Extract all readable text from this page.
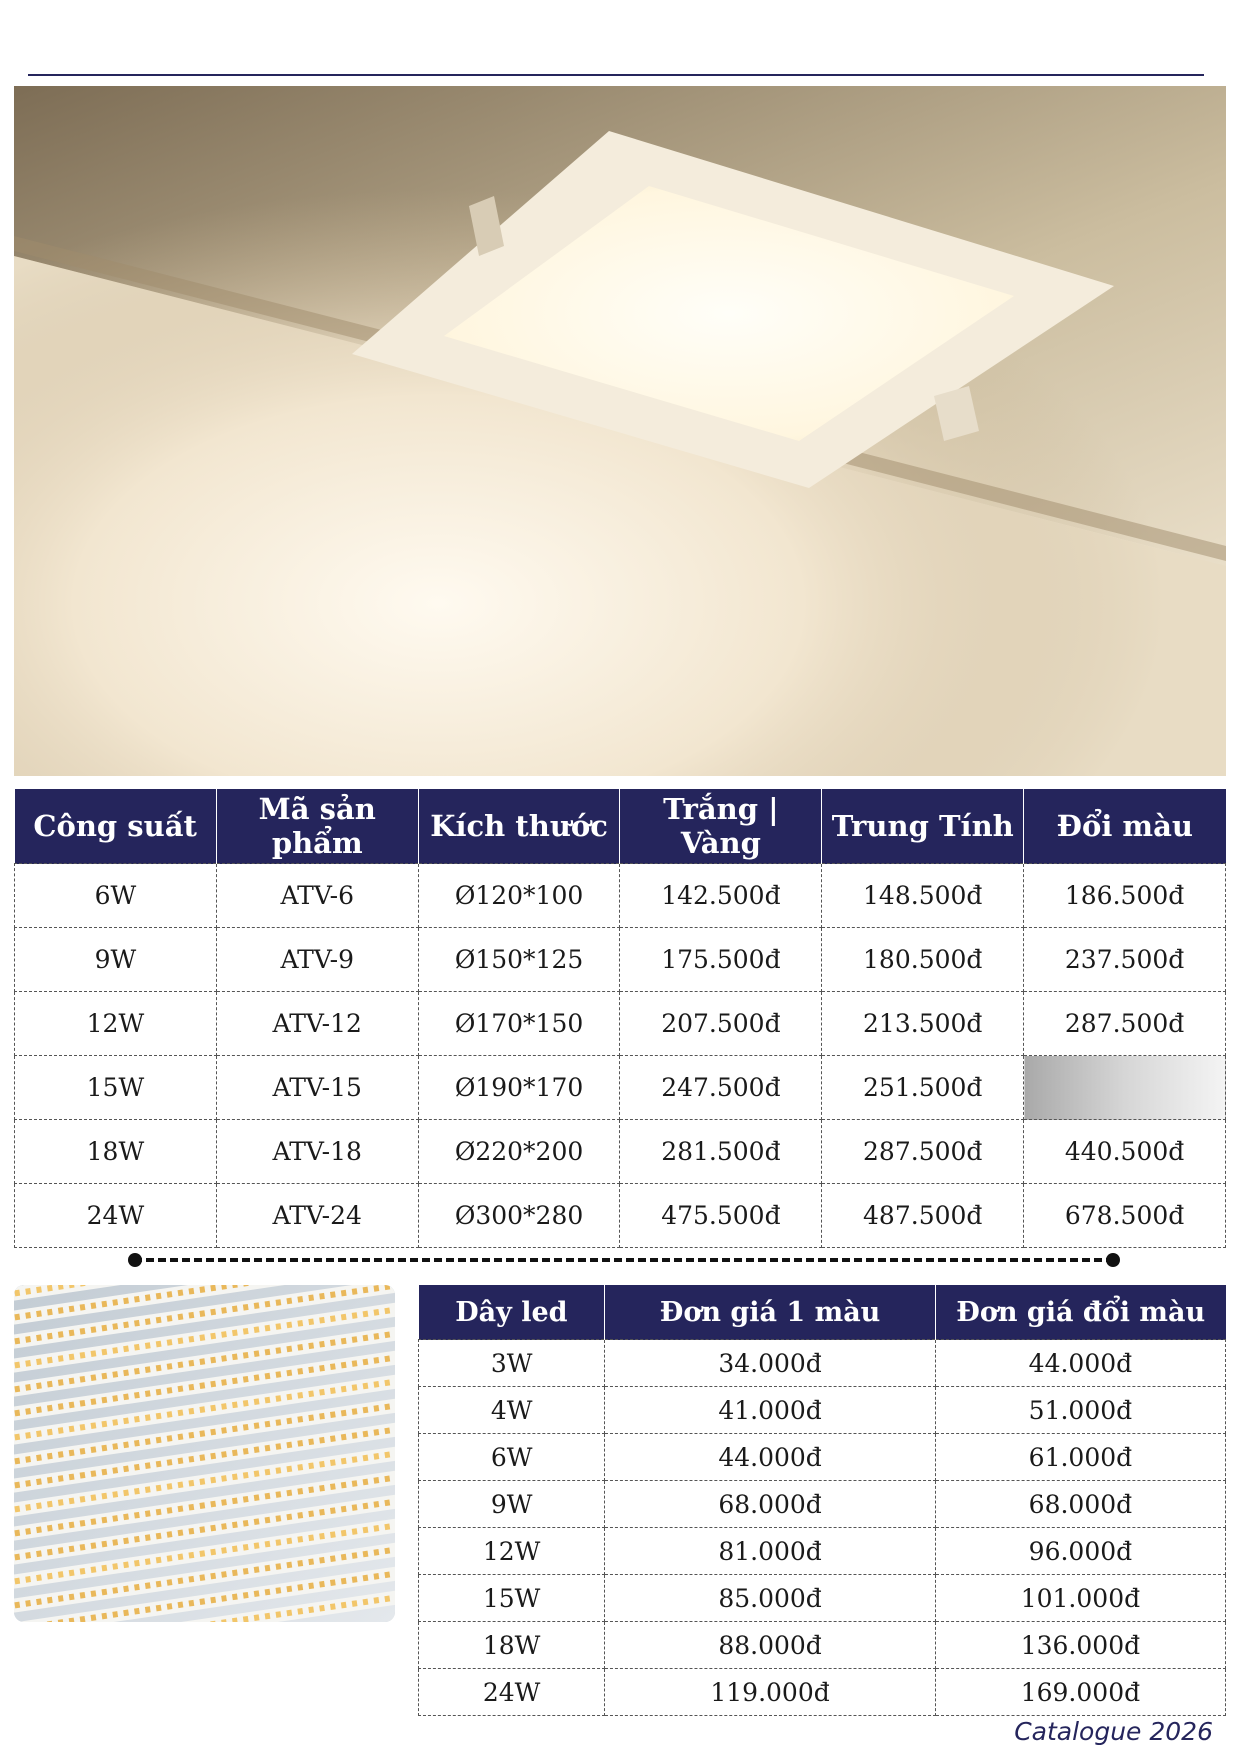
Công suất	Mã sản phẩm	Kích thước	Trắng | Vàng	Trung Tính	Đổi màu
6W	ATV-6	Ø120*100	142.500đ	148.500đ	186.500đ
9W	ATV-9	Ø150*125	175.500đ	180.500đ	237.500đ
12W	ATV-12	Ø170*150	207.500đ	213.500đ	287.500đ
15W	ATV-15	Ø190*170	247.500đ	251.500đ	
18W	ATV-18	Ø220*200	281.500đ	287.500đ	440.500đ
24W	ATV-24	Ø300*280	475.500đ	487.500đ	678.500đ
Dây led	Đơn giá 1 màu	Đơn giá đổi màu
3W	34.000đ	44.000đ
4W	41.000đ	51.000đ
6W	44.000đ	61.000đ
9W	68.000đ	68.000đ
12W	81.000đ	96.000đ
15W	85.000đ	101.000đ
18W	88.000đ	136.000đ
24W	119.000đ	169.000đ
Catalogue 2026
